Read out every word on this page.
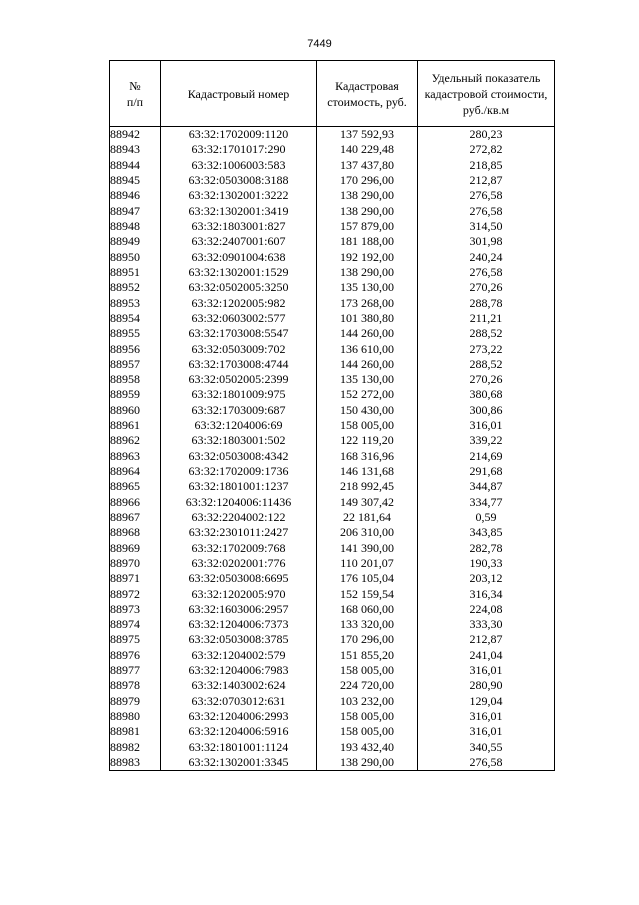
7449
№
п/п	Кадастровый номер	Кадастровая стоимость, руб.	Удельный показатель кадастровой стоимости, руб./кв.м
88942	63:32:1702009:1120	137 592,93	280,23
88943	63:32:1701017:290	140 229,48	272,82
88944	63:32:1006003:583	137 437,80	218,85
88945	63:32:0503008:3188	170 296,00	212,87
88946	63:32:1302001:3222	138 290,00	276,58
88947	63:32:1302001:3419	138 290,00	276,58
88948	63:32:1803001:827	157 879,00	314,50
88949	63:32:2407001:607	181 188,00	301,98
88950	63:32:0901004:638	192 192,00	240,24
88951	63:32:1302001:1529	138 290,00	276,58
88952	63:32:0502005:3250	135 130,00	270,26
88953	63:32:1202005:982	173 268,00	288,78
88954	63:32:0603002:577	101 380,80	211,21
88955	63:32:1703008:5547	144 260,00	288,52
88956	63:32:0503009:702	136 610,00	273,22
88957	63:32:1703008:4744	144 260,00	288,52
88958	63:32:0502005:2399	135 130,00	270,26
88959	63:32:1801009:975	152 272,00	380,68
88960	63:32:1703009:687	150 430,00	300,86
88961	63:32:1204006:69	158 005,00	316,01
88962	63:32:1803001:502	122 119,20	339,22
88963	63:32:0503008:4342	168 316,96	214,69
88964	63:32:1702009:1736	146 131,68	291,68
88965	63:32:1801001:1237	218 992,45	344,87
88966	63:32:1204006:11436	149 307,42	334,77
88967	63:32:2204002:122	22 181,64	0,59
88968	63:32:2301011:2427	206 310,00	343,85
88969	63:32:1702009:768	141 390,00	282,78
88970	63:32:0202001:776	110 201,07	190,33
88971	63:32:0503008:6695	176 105,04	203,12
88972	63:32:1202005:970	152 159,54	316,34
88973	63:32:1603006:2957	168 060,00	224,08
88974	63:32:1204006:7373	133 320,00	333,30
88975	63:32:0503008:3785	170 296,00	212,87
88976	63:32:1204002:579	151 855,20	241,04
88977	63:32:1204006:7983	158 005,00	316,01
88978	63:32:1403002:624	224 720,00	280,90
88979	63:32:0703012:631	103 232,00	129,04
88980	63:32:1204006:2993	158 005,00	316,01
88981	63:32:1204006:5916	158 005,00	316,01
88982	63:32:1801001:1124	193 432,40	340,55
88983	63:32:1302001:3345	138 290,00	276,58
